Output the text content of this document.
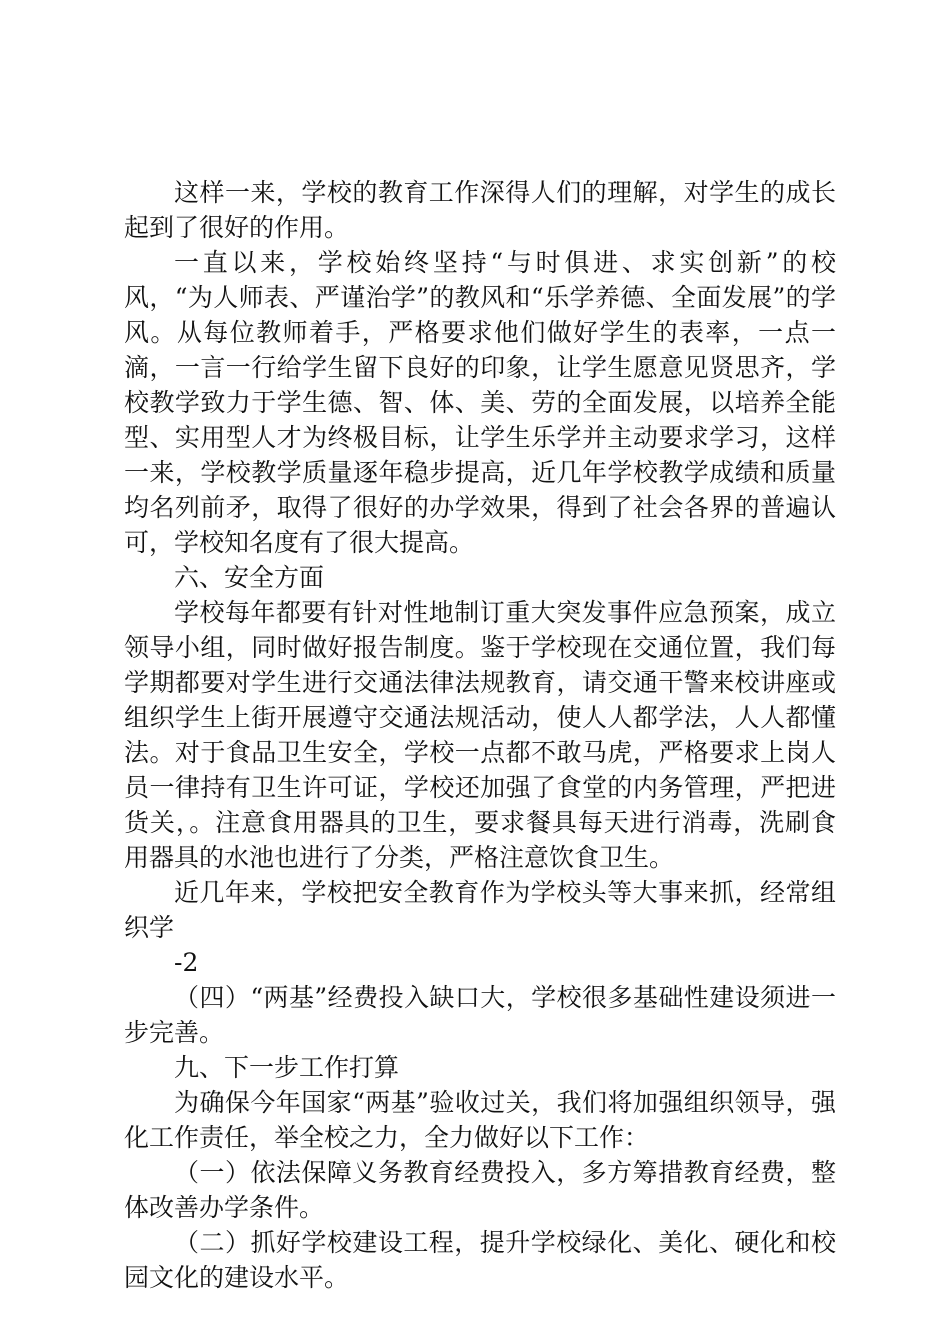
这样一来，学校的教育工作深得人们的理解，对学生的成长起到了很好的作用。

一直以来，学校始终坚持“与时俱进、求实创新”的校风，“为人师表、严谨治学”的教风和“乐学养德、全面发展”的学风。从每位教师着手，严格要求他们做好学生的表率，一点一滴，一言一行给学生留下良好的印象，让学生愿意见贤思齐，学校教学致力于学生德、智、体、美、劳的全面发展，以培养全能型、实用型人才为终极目标，让学生乐学并主动要求学习，这样一来，学校教学质量逐年稳步提高，近几年学校教学成绩和质量均名列前矛，取得了很好的办学效果，得到了社会各界的普遍认可，学校知名度有了很大提高。

六、安全方面

学校每年都要有针对性地制订重大突发事件应急预案，成立领导小组，同时做好报告制度。鉴于学校现在交通位置，我们每学期都要对学生进行交通法律法规教育，请交通干警来校讲座或组织学生上街开展遵守交通法规活动，使人人都学法，人人都懂法。对于食品卫生安全，学校一点都不敢马虎，严格要求上岗人员一律持有卫生许可证，学校还加强了食堂的内务管理，严把进货关，。注意食用器具的卫生，要求餐具每天进行消毒，洗刷食用器具的水池也进行了分类，严格注意饮食卫生。

近几年来，学校把安全教育作为学校头等大事来抓，经常组织学

-2

（四）“两基”经费投入缺口大，学校很多基础性建设须进一步完善。

九、下一步工作打算

为确保今年国家“两基”验收过关，我们将加强组织领导，强化工作责任，举全校之力，全力做好以下工作：

（一）依法保障义务教育经费投入，多方筹措教育经费，整体改善办学条件。

（二）抓好学校建设工程，提升学校绿化、美化、硬化和校园文化的建设水平。
